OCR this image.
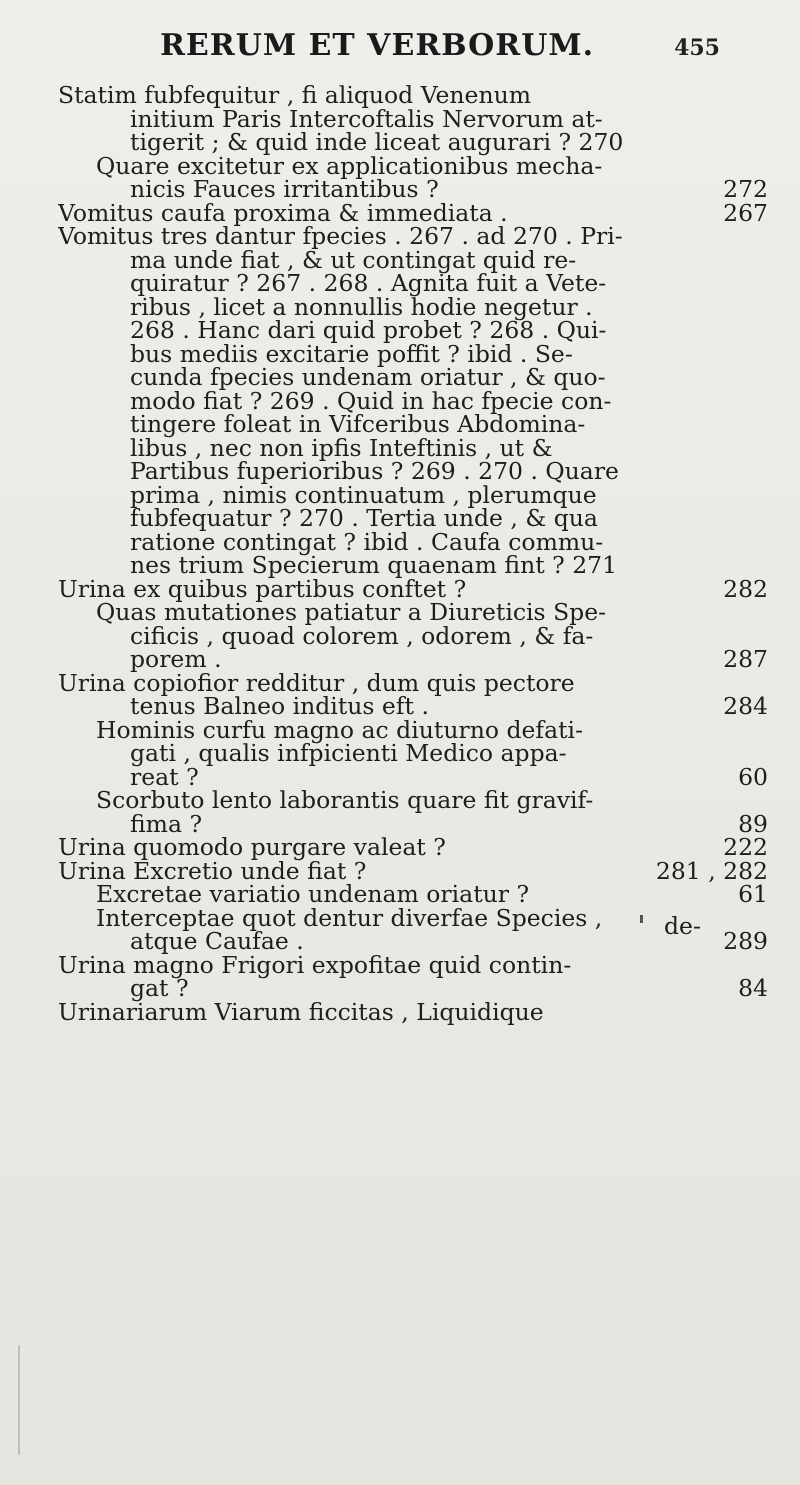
RERUM ET VERBORUM.	455
Statim fubfequitur , fi aliquod Venenum
initium Paris Intercoftalis Nervorum at-
tigerit ; & quid inde liceat augurari ? 270
Quare excitetur ex applicationibus mecha-
nicis Fauces irritantibus ?	272
Vomitus caufa proxima & immediata .	267
Vomitus tres dantur fpecies . 267 . ad 270 . Pri-
ma unde fiat , & ut contingat quid re-
quiratur ? 267 . 268 . Agnita fuit a Vete-
ribus , licet a nonnullis hodie negetur .
268 . Hanc dari quid probet ? 268 . Qui-
bus mediis excitarie poffit ? ibid . Se-
cunda fpecies undenam oriatur , & quo-
modo fiat ? 269 . Quid in hac fpecie con-
tingere foleat in Vifceribus Abdomina-
libus , nec non ipfis Inteftinis , ut &
Partibus fuperioribus ? 269 . 270 . Quare
prima , nimis continuatum , plerumque
fubfequatur ? 270 . Tertia unde , & qua
ratione contingat ? ibid . Caufa commu-
nes trium Specierum quaenam fint ? 271
Urina ex quibus partibus conftet ?	282
Quas mutationes patiatur a Diureticis Spe-
cificis , quoad colorem , odorem , & fa-
porem .	287
Urina copiofior redditur , dum quis pectore
tenus Balneo inditus eft .	284
Hominis curfu magno ac diuturno defati-
gati , qualis infpicienti Medico appa-
reat ?	60
Scorbuto lento laborantis quare fit gravif-
fima ?	89
Urina quomodo purgare valeat ?	222
Urina Excretio unde fiat ?	281 , 282
Excretae variatio undenam oriatur ?	61
Interceptae quot dentur diverfae Species ,
atque Caufae .	289
Urina magno Frigori expofitae quid contin-
gat ?	84
Urinariarum Viarum ficcitas , Liquidique
de-
